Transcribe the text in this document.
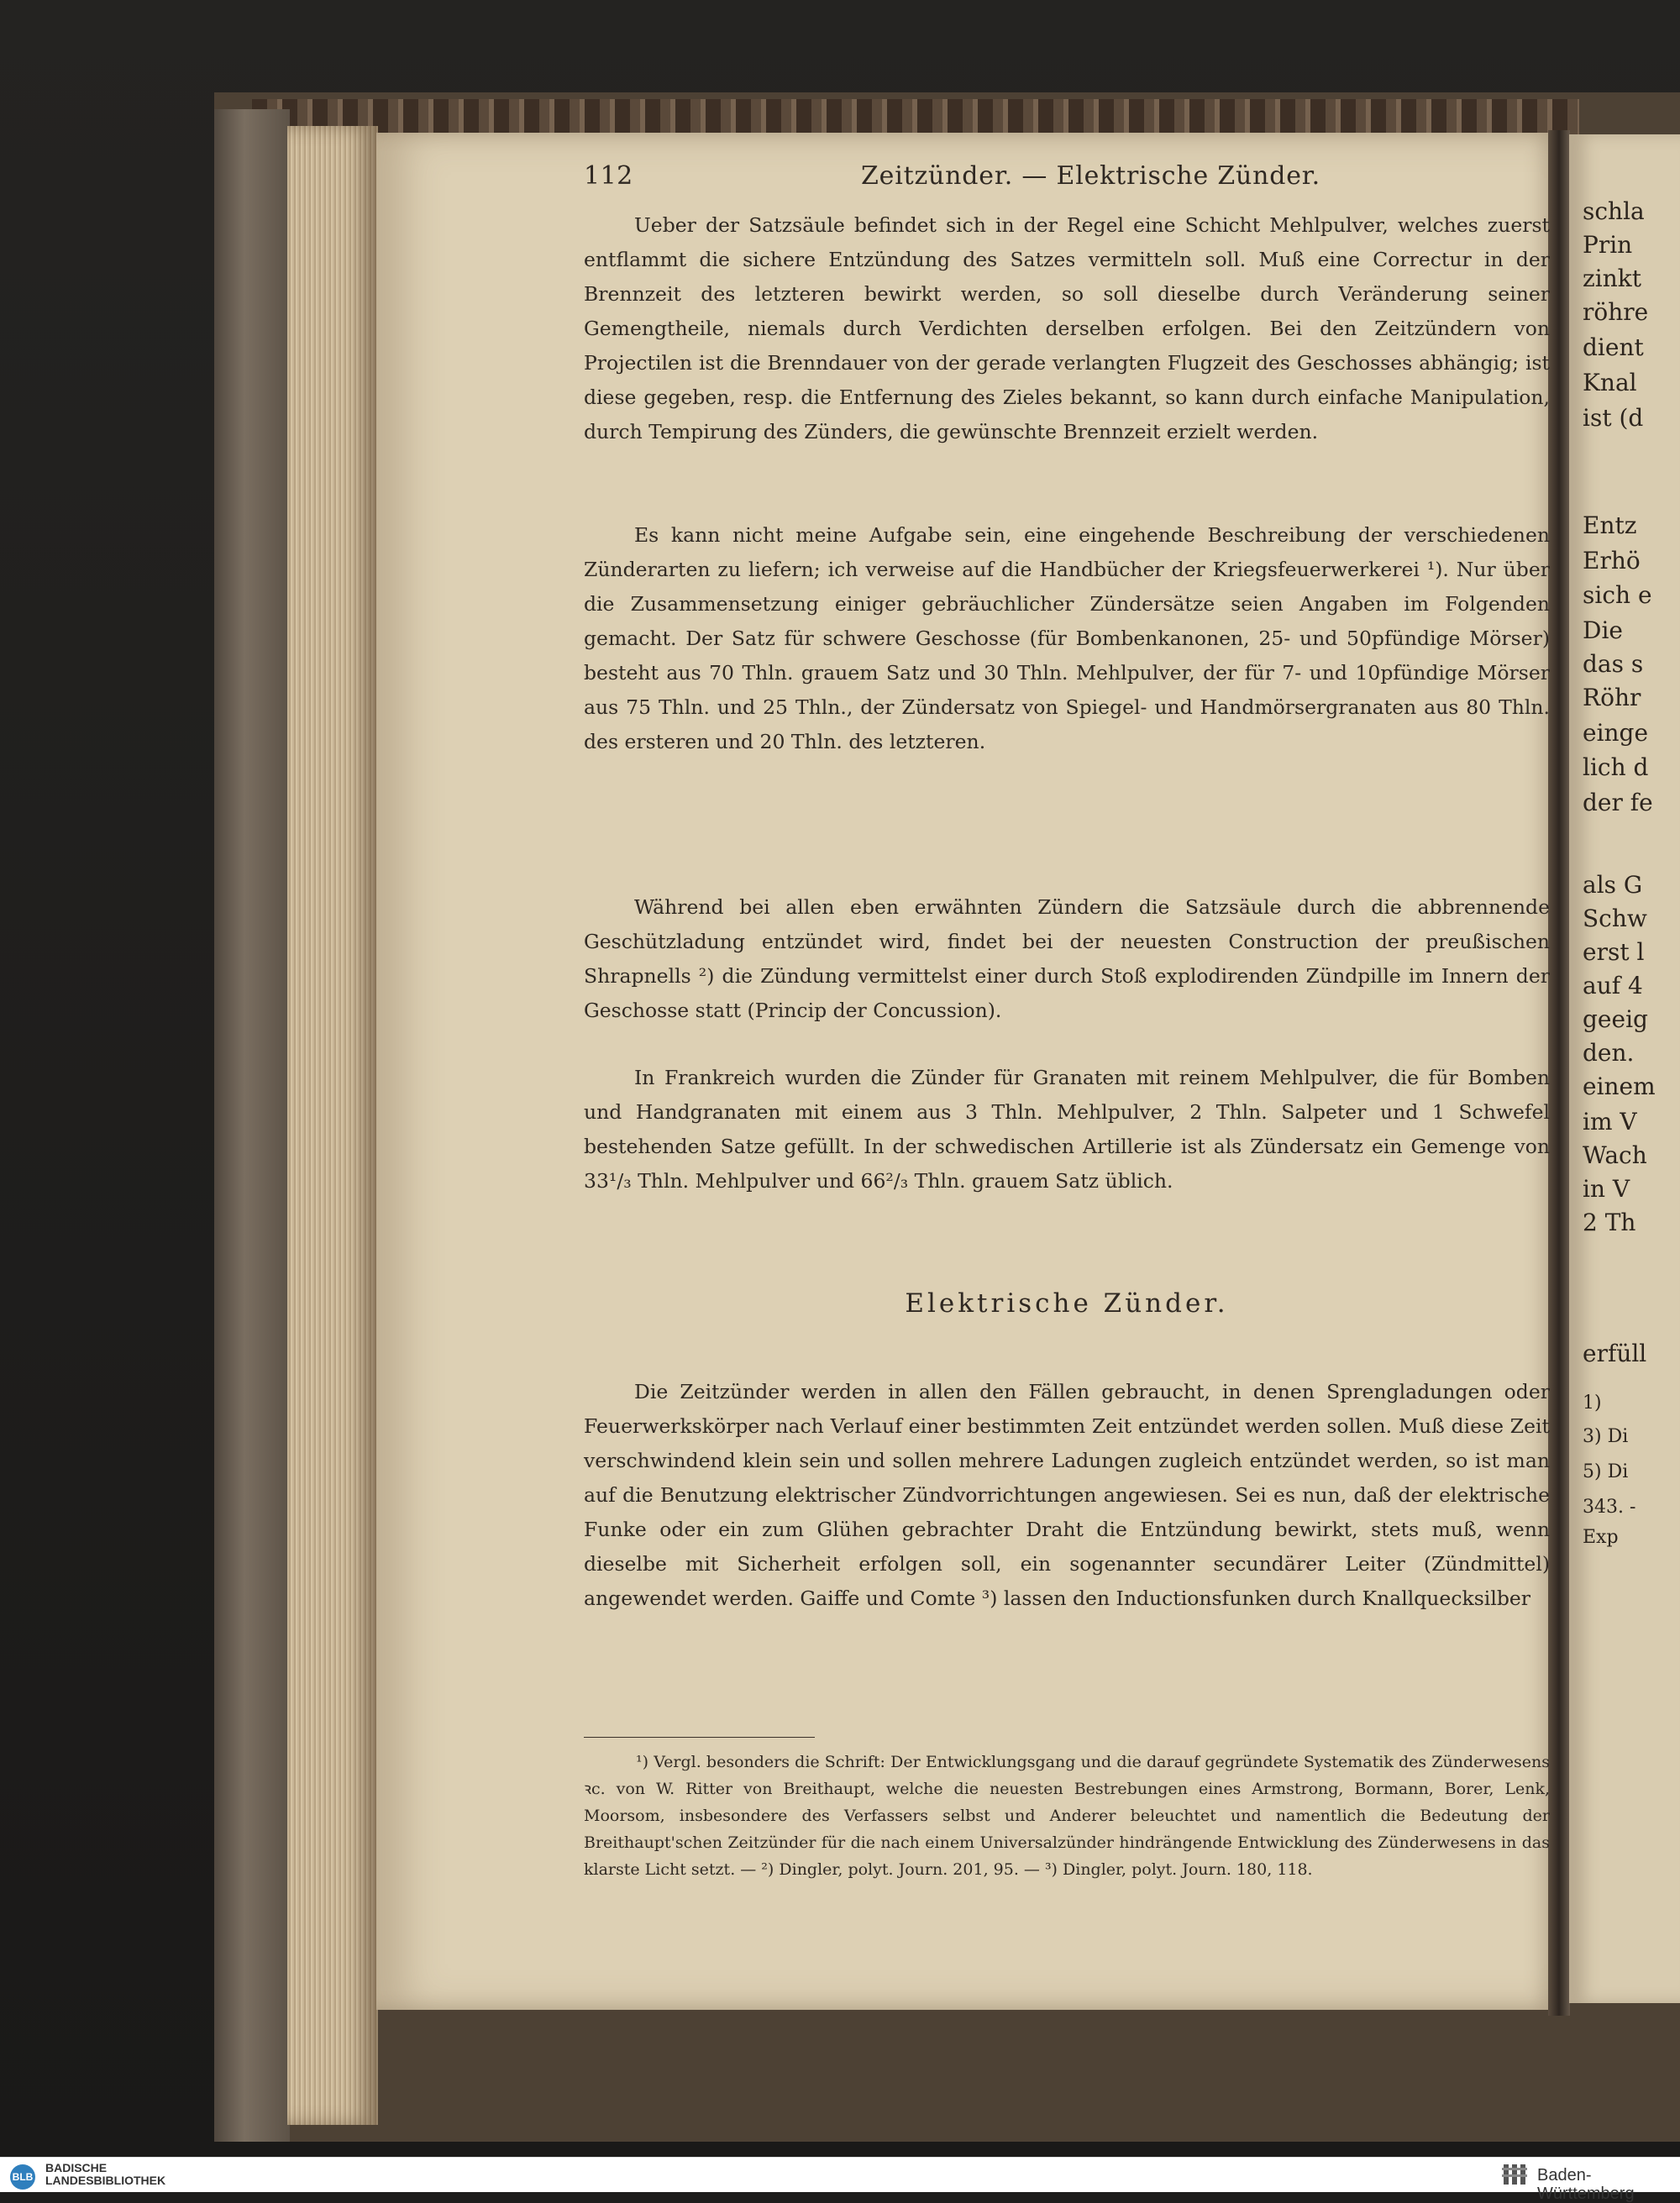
schla
Prin
zinkt
röhre
dient
Knal
ist (d
Entz
Erhö
sich e
Die
das s
Röhr
einge
lich d
der fe
als G
Schw
erst l
auf 4
geeig
den.
einem
im V
Wach
in V
2 Th
erfüll
1)
3) Di
5) Di
343. -
Exp
112	Zeitzünder. — Elektrische Zünder.

Ueber der Satzsäule befindet sich in der Regel eine Schicht Mehlpulver, welches zuerst entflammt die sichere Entzündung des Satzes vermitteln soll. Muß eine Correctur in der Brennzeit des letzteren bewirkt werden, so soll dieselbe durch Veränderung seiner Gemengtheile, niemals durch Verdichten derselben erfolgen. Bei den Zeitzündern von Projectilen ist die Brenndauer von der gerade verlangten Flugzeit des Geschosses abhängig; ist diese gegeben, resp. die Entfernung des Zieles bekannt, so kann durch einfache Manipulation, durch Tempirung des Zünders, die gewünschte Brennzeit erzielt werden.

Es kann nicht meine Aufgabe sein, eine eingehende Beschreibung der verschiedenen Zünderarten zu liefern; ich verweise auf die Handbücher der Kriegsfeuerwerkerei ¹). Nur über die Zusammensetzung einiger gebräuchlicher Zündersätze seien Angaben im Folgenden gemacht. Der Satz für schwere Geschosse (für Bombenkanonen, 25- und 50pfündige Mörser) besteht aus 70 Thln. grauem Satz und 30 Thln. Mehlpulver, der für 7- und 10pfündige Mörser aus 75 Thln. und 25 Thln., der Zündersatz von Spiegel- und Handmörsergranaten aus 80 Thln. des ersteren und 20 Thln. des letzteren.

Während bei allen eben erwähnten Zündern die Satzsäule durch die abbrennende Geschützladung entzündet wird, findet bei der neuesten Construction der preußischen Shrapnells ²) die Zündung vermittelst einer durch Stoß explodirenden Zündpille im Innern der Geschosse statt (Princip der Concussion).

In Frankreich wurden die Zünder für Granaten mit reinem Mehlpulver, die für Bomben und Handgranaten mit einem aus 3 Thln. Mehlpulver, 2 Thln. Salpeter und 1 Schwefel bestehenden Satze gefüllt. In der schwedischen Artillerie ist als Zündersatz ein Gemenge von 33¹/₃ Thln. Mehlpulver und 66²/₃ Thln. grauem Satz üblich.

Elektrische Zünder.

Die Zeitzünder werden in allen den Fällen gebraucht, in denen Sprengladungen oder Feuerwerkskörper nach Verlauf einer bestimmten Zeit entzündet werden sollen. Muß diese Zeit verschwindend klein sein und sollen mehrere Ladungen zugleich entzündet werden, so ist man auf die Benutzung elektrischer Zündvorrichtungen angewiesen. Sei es nun, daß der elektrische Funke oder ein zum Glühen gebrachter Draht die Entzündung bewirkt, stets muß, wenn dieselbe mit Sicherheit erfolgen soll, ein sogenannter secundärer Leiter (Zündmittel) angewendet werden. Gaiffe und Comte ³) lassen den Inductionsfunken durch Knallquecksilber

¹) Vergl. besonders die Schrift: Der Entwicklungsgang und die darauf gegründete Systematik des Zünderwesens ꝛc. von W. Ritter von Breithaupt, welche die neuesten Bestrebungen eines Armstrong, Bormann, Borer, Lenk, Moorsom, insbesondere des Verfassers selbst und Anderer beleuchtet und namentlich die Bedeutung der Breithaupt'schen Zeitzünder für die nach einem Universalzünder hindrängende Entwicklung des Zünderwesens in das klarste Licht setzt. — ²) Dingler, polyt. Journ. 201, 95. — ³) Dingler, polyt. Journ. 180, 118.

BLB
BADISCHE
LANDESBIBLIOTHEK	Baden-Württemberg
